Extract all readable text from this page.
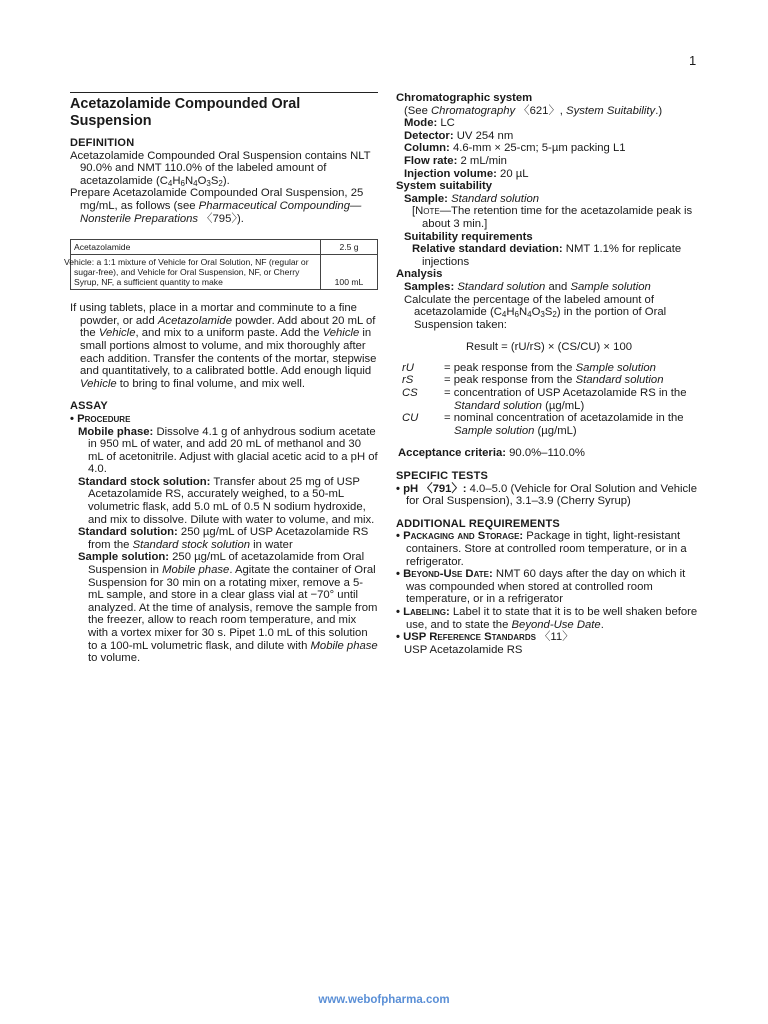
1
Acetazolamide Compounded Oral Suspension
DEFINITION
Acetazolamide Compounded Oral Suspension contains NLT 90.0% and NMT 110.0% of the labeled amount of acetazolamide $(C_4H_6N_4O_3S_2)$.
Prepare Acetazolamide Compounded Oral Suspension, 25 mg/mL, as follows (see Pharmaceutical Compounding—Nonsterile Preparations 〈795〉).
Acetazolamide	2.5 g
Vehicle: a 1:1 mixture of Vehicle for Oral Solution, NF (regular or sugar-free), and Vehicle for Oral Suspension, NF, or Cherry Syrup, NF, a sufficient quantity to make	100 mL
If using tablets, place in a mortar and comminute to a fine powder, or add Acetazolamide powder. Add about 20 mL of the Vehicle, and mix to a uniform paste. Add the Vehicle in small portions almost to volume, and mix thoroughly after each addition. Transfer the contents of the mortar, stepwise and quantitatively, to a calibrated bottle. Add enough liquid Vehicle to bring to final volume, and mix well.
ASSAY
• Procedure
Mobile phase: Dissolve 4.1 g of anhydrous sodium acetate in 950 mL of water, and add 20 mL of methanol and 30 mL of acetonitrile. Adjust with glacial acetic acid to a pH of 4.0.
Standard stock solution: Transfer about 25 mg of USP Acetazolamide RS, accurately weighed, to a 50-mL volumetric flask, add 5.0 mL of 0.5 N sodium hydroxide, and mix to dissolve. Dilute with water to volume, and mix.
Standard solution: 250 µg/mL of USP Acetazolamide RS from the Standard stock solution in water
Sample solution: 250 µg/mL of acetazolamide from Oral Suspension in Mobile phase. Agitate the container of Oral Suspension for 30 min on a rotating mixer, remove a 5-mL sample, and store in a clear glass vial at −70° until analyzed. At the time of analysis, remove the sample from the freezer, allow to reach room temperature, and mix with a vortex mixer for 30 s. Pipet 1.0 mL of this solution to a 100-mL volumetric flask, and dilute with Mobile phase to volume.
Chromatographic system
(See Chromatography 〈621〉, System Suitability.)
Mode: LC
Detector: UV 254 nm
Column: 4.6-mm × 25-cm; 5-µm packing L1
Flow rate: 2 mL/min
Injection volume: 20 µL
System suitability
Sample: Standard solution
[Note—The retention time for the acetazolamide peak is about 3 min.]
Suitability requirements
Relative standard deviation: NMT 1.1% for replicate injections
Analysis
Samples: Standard solution and Sample solution
Calculate the percentage of the labeled amount of acetazolamide $(C_4H_6N_4O_3S_2)$ in the portion of Oral Suspension taken:
Result = (rU/rS) × (CS/CU) × 100
rU	= peak response from the Sample solution
rS	= peak response from the Standard solution
CS	= concentration of USP Acetazolamide RS in the Standard solution (µg/mL)
CU	= nominal concentration of acetazolamide in the Sample solution (µg/mL)
Acceptance criteria: 90.0%–110.0%
SPECIFIC TESTS
• pH 〈791〉: 4.0–5.0 (Vehicle for Oral Solution and Vehicle for Oral Suspension), 3.1–3.9 (Cherry Syrup)
ADDITIONAL REQUIREMENTS
• Packaging and Storage: Package in tight, light-resistant containers. Store at controlled room temperature, or in a refrigerator.
• Beyond-Use Date: NMT 60 days after the day on which it was compounded when stored at controlled room temperature, or in a refrigerator
• Labeling: Label it to state that it is to be well shaken before use, and to state the Beyond-Use Date.
• USP Reference Standards 〈11〉
USP Acetazolamide RS
www.webofpharma.com
